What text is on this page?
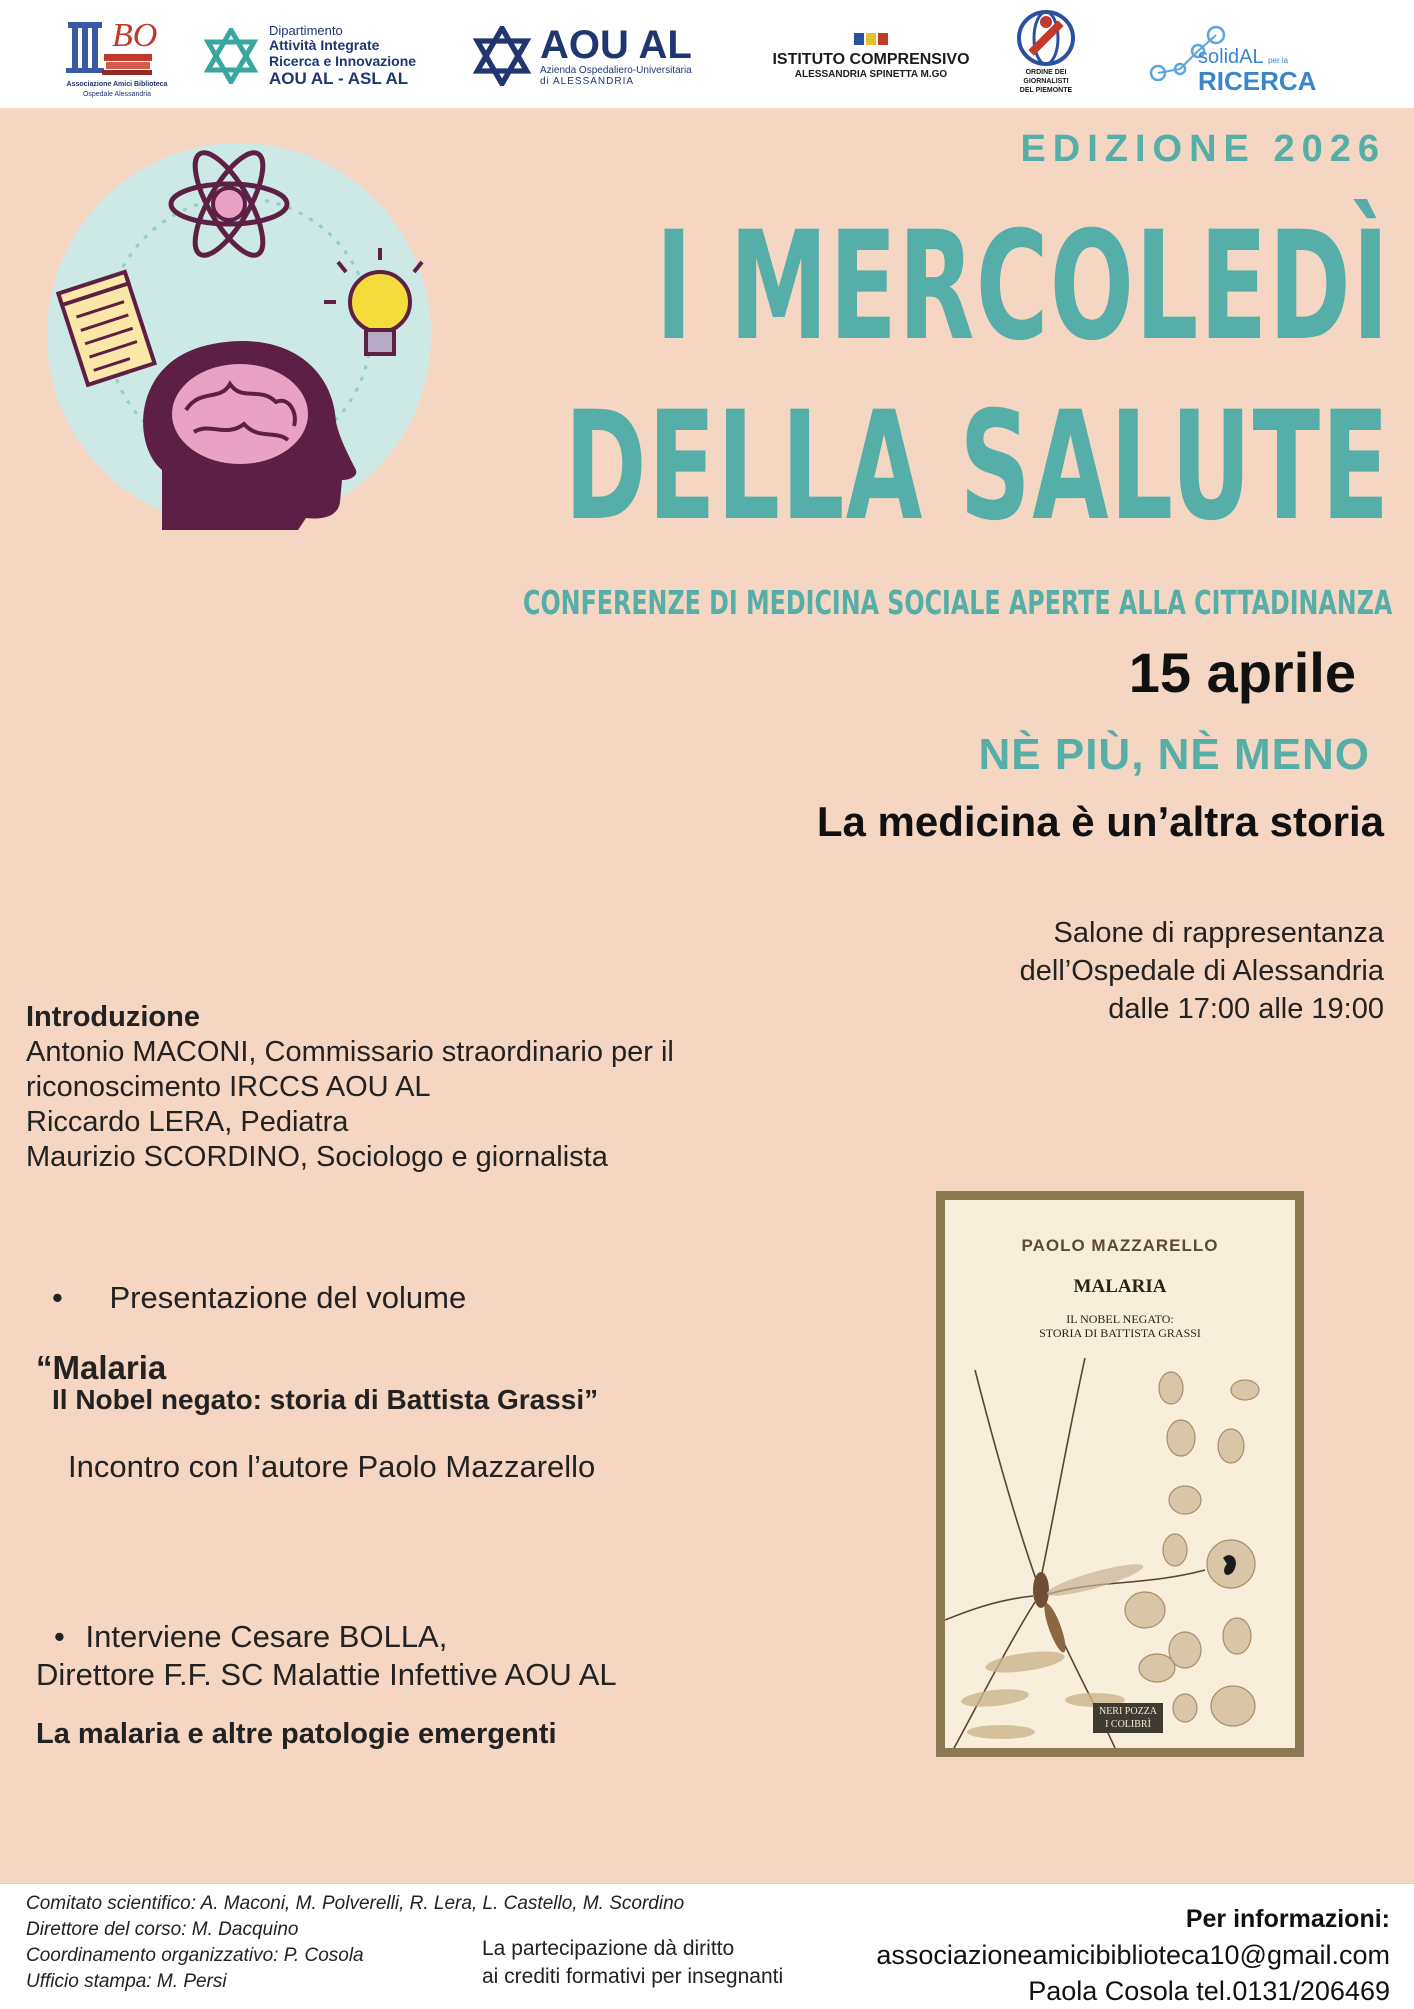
BO
Associazione Amici Biblioteca
Ospedale Alessandria
Dipartimento
Attività Integrate
Ricerca e Innovazione
AOU AL - ASL AL
AOU AL
Azienda Ospedaliero-Universitaria
di ALESSANDRIA
ISTITUTO COMPRENSIVO
ALESSANDRIA SPINETTA M.GO	ORDINE DEI
GIORNALISTI
DEL PIEMONTE
solidAL per la
RICERCA
EDIZIONE 2026
I MERCOLEDÌ
DELLA SALUTE
CONFERENZE DI MEDICINA SOCIALE APERTE ALLA CITTADINANZA
15 aprile
NÈ PIÙ, NÈ MENO
La medicina è un’altra storia
Salone di rappresentanza
dell’Ospedale di Alessandria
dalle 17:00 alle 19:00
Introduzione
Antonio MACONI, Commissario straordinario per il
riconoscimento IRCCS AOU AL
Riccardo LERA, Pediatra
Maurizio SCORDINO, Sociologo e giornalista
• Presentazione del volume
“Malaria
Il Nobel negato: storia di Battista Grassi”
Incontro con l’autore Paolo Mazzarello
• Interviene Cesare BOLLA,
Direttore F.F. SC Malattie Infettive AOU AL
La malaria e altre patologie emergenti
PAOLO MAZZARELLO
MALARIA
IL NOBEL NEGATO:
STORIA DI BATTISTA GRASSI
NERI POZZA
I COLIBRÌ
Comitato scientifico: A. Maconi, M. Polverelli, R. Lera, L. Castello, M. Scordino
Direttore del corso: M. Dacquino
Coordinamento organizzativo: P. Cosola
Ufficio stampa: M. Persi
La partecipazione dà diritto
ai crediti formativi per insegnanti
Per informazioni:
associazioneamicibiblioteca10@gmail.com
Paola Cosola tel.0131/206469
